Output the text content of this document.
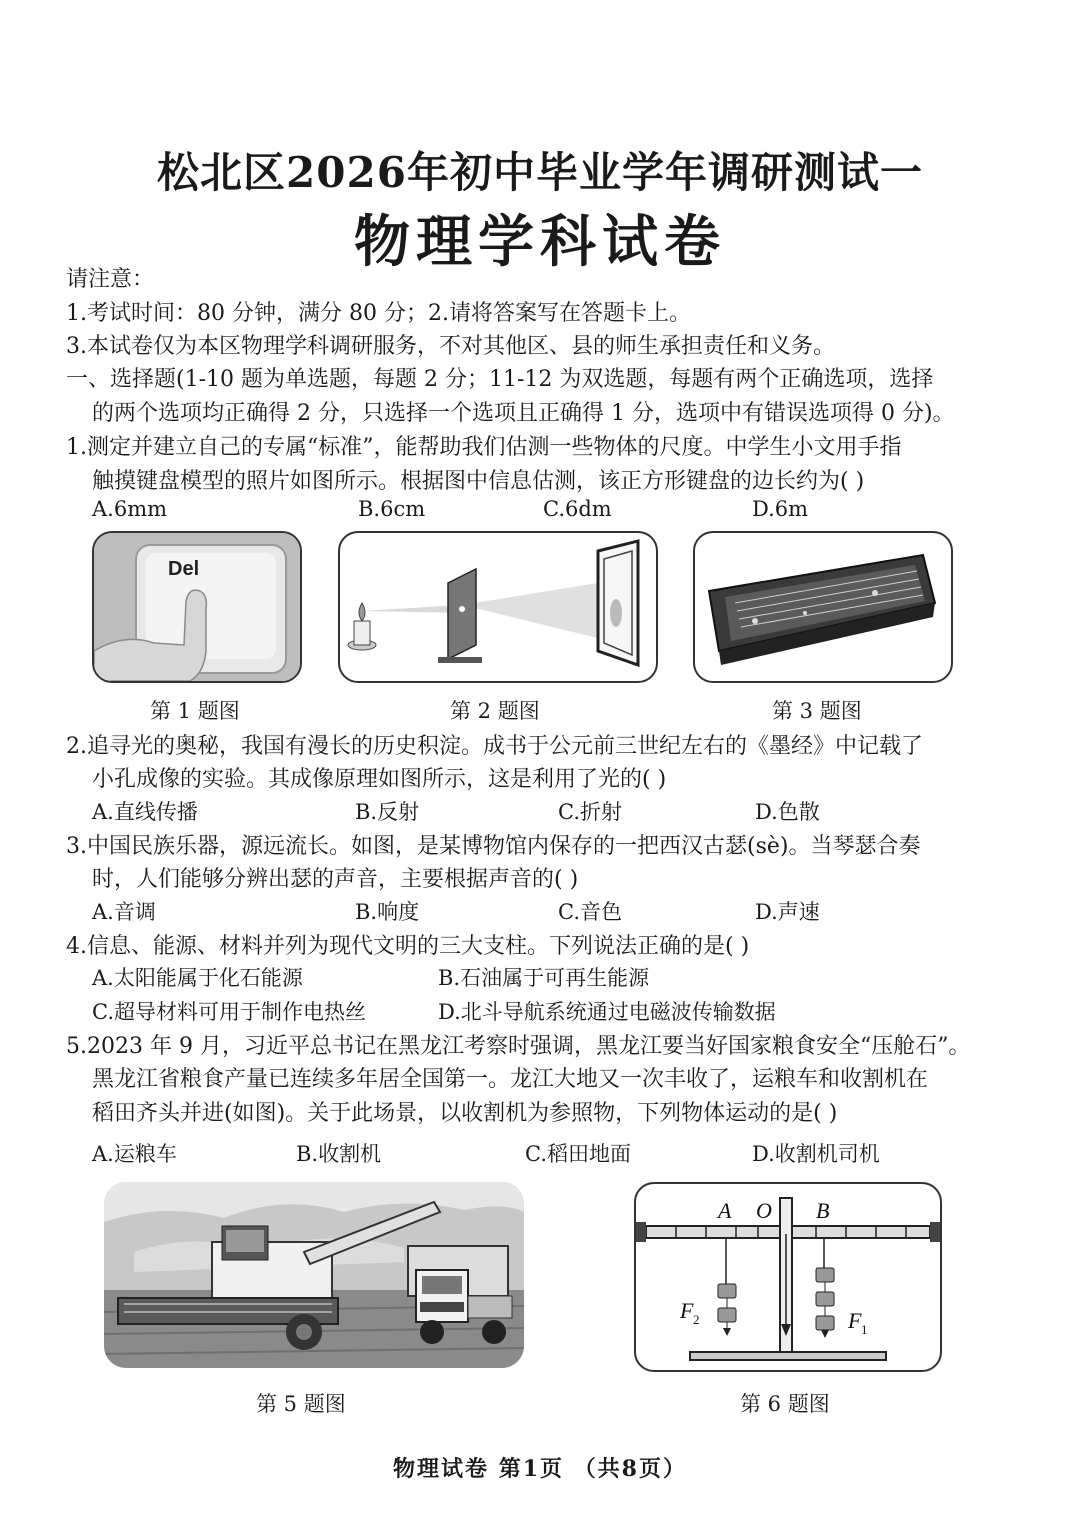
松北区2026年初中毕业学年调研测试一
物理学科试卷
请注意：
1.考试时间：80 分钟，满分 80 分；2.请将答案写在答题卡上。
3.本试卷仅为本区物理学科调研服务，不对其他区、县的师生承担责任和义务。
一、选择题(1-10 题为单选题，每题 2 分；11-12 为双选题，每题有两个正确选项，选择
的两个选项均正确得 2 分，只选择一个选项且正确得 1 分，选项中有错误选项得 0 分)。
1.测定并建立自己的专属“标准”，能帮助我们估测一些物体的尺度。中学生小文用手指
触摸键盘模型的照片如图所示。根据图中信息估测，该正方形键盘的边长约为( )
A.6mm	B.6cm	C.6dm	D.6m
Del
第 1 题图	第 2 题图	第 3 题图
2.追寻光的奥秘，我国有漫长的历史积淀。成书于公元前三世纪左右的《墨经》中记载了
小孔成像的实验。其成像原理如图所示，这是利用了光的( )
A.直线传播	B.反射	C.折射	D.色散
3.中国民族乐器，源远流长。如图，是某博物馆内保存的一把西汉古瑟(sè)。当琴瑟合奏
时，人们能够分辨出瑟的声音，主要根据声音的( )
A.音调	B.响度	C.音色	D.声速
4.信息、能源、材料并列为现代文明的三大支柱。下列说法正确的是( )
A.太阳能属于化石能源	B.石油属于可再生能源
C.超导材料可用于制作电热丝	D.北斗导航系统通过电磁波传输数据
5.2023 年 9 月，习近平总书记在黑龙江考察时强调，黑龙江要当好国家粮食安全“压舱石”。
黑龙江省粮食产量已连续多年居全国第一。龙江大地又一次丰收了，运粮车和收割机在
稻田齐头并进(如图)。关于此场景，以收割机为参照物，下列物体运动的是( )
A.运粮车	B.收割机	C.稻田地面	D.收割机司机
A O B
F 2	F 1
第 5 题图	第 6 题图
物理试卷 第1页 （共8页）
